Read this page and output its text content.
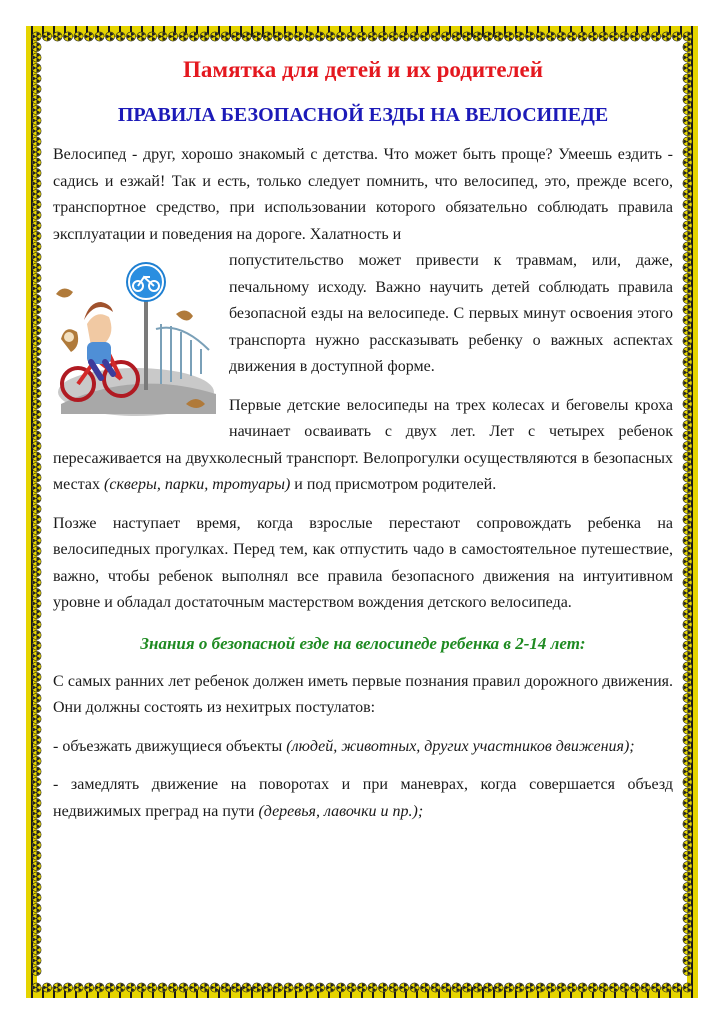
Памятка для детей и их родителей
ПРАВИЛА БЕЗОПАСНОЙ ЕЗДЫ НА ВЕЛОСИПЕДЕ

Велосипед - друг, хорошо знакомый с детства. Что может быть проще? Умеешь ездить - садись и езжай! Так и есть, только следует помнить, что велосипед, это, прежде всего, транспортное средство, при использовании которого обязательно соблюдать правила эксплуатации и поведения на дороге. Халатность и
попустительство может привести к травмам, или, даже, печальному исходу. Важно научить детей соблюдать правила безопасной езды на велосипеде. С первых минут освоения этого транспорта нужно рассказывать ребенку о важных аспектах движения в доступной форме.

Первые детские велосипеды на трех колесах и беговелы кроха начинает осваивать с двух лет. Лет с четырех ребенок пересаживается на двухколесный транспорт. Велопрогулки осуществляются в безопасных местах (скверы, парки, тротуары) и под присмотром родителей.

Позже наступает время, когда взрослые перестают сопровождать ребенка на велосипедных прогулках. Перед тем, как отпустить чадо в самостоятельное путешествие, важно, чтобы ребенок выполнял все правила безопасного движения на интуитивном уровне и обладал достаточным мастерством вождения детского велосипеда.

Знания о безопасной езде на велосипеде ребенка в 2-14 лет:

С самых ранних лет ребенок должен иметь первые познания правил дорожного движения. Они должны состоять из нехитрых постулатов:

- объезжать движущиеся объекты (людей, животных, других участников движения);

- замедлять движение на поворотах и при маневрах, когда совершается объезд недвижимых преград на пути (деревья, лавочки и пр.);
